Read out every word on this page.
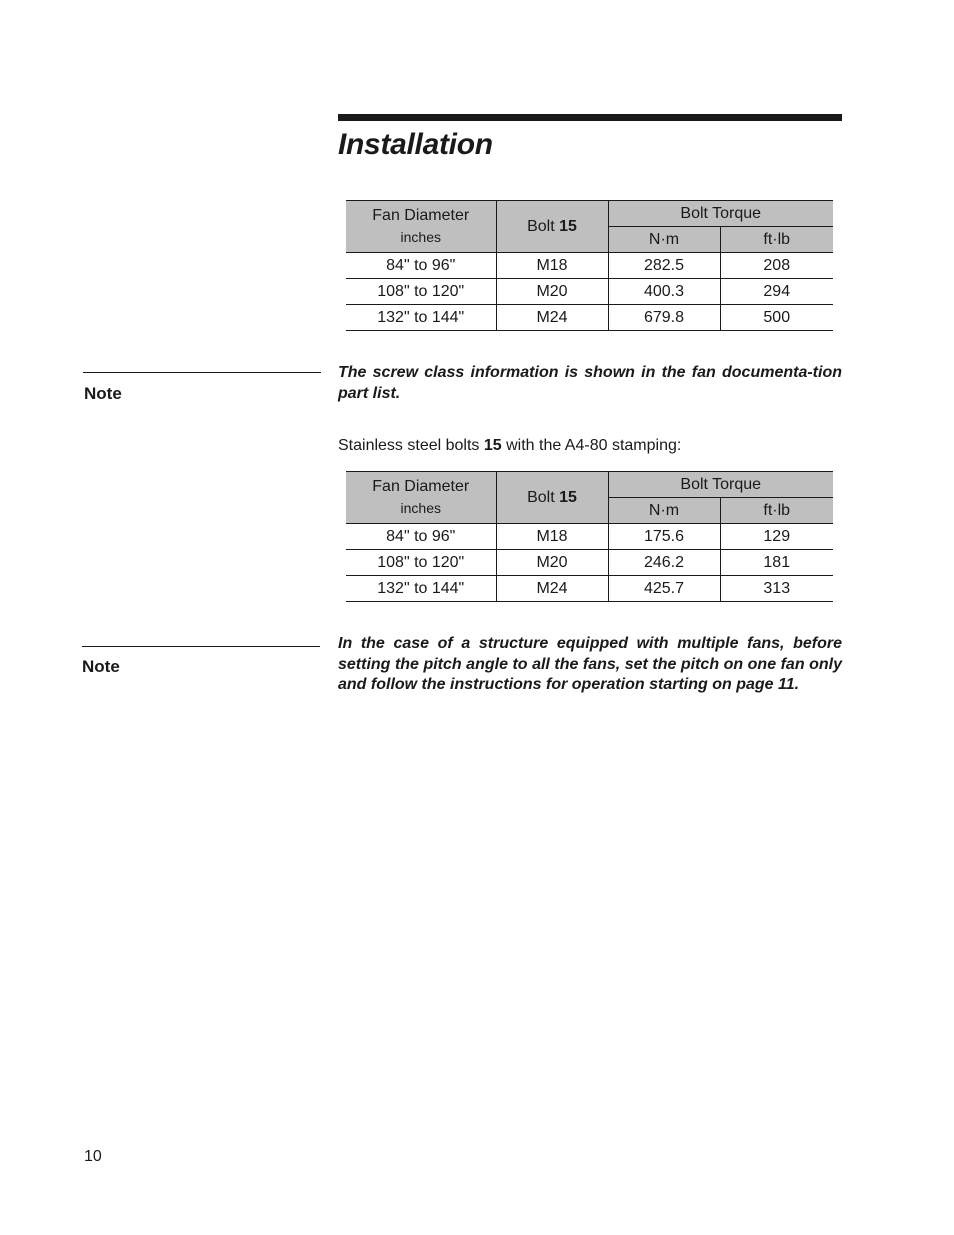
Installation
Fan Diameter
inches	Bolt 15	Bolt Torque	
		N·m	ft·lb
84" to 96"	M18	282.5	208
108" to 120"	M20	400.3	294
132" to 144"	M24	679.8	500
Note

The screw class information is shown in the fan documenta-tion part list.

Stainless steel bolts 15 with the A4-80 stamping:

Fan Diameter
inches	Bolt 15	Bolt Torque	
		N·m	ft·lb
84" to 96"	M18	175.6	129
108" to 120"	M20	246.2	181
132" to 144"	M24	425.7	313
Note

In the case of a structure equipped with multiple fans, before setting the pitch angle to all the fans, set the pitch on one fan only and follow the instructions for operation starting on page 11.

10
